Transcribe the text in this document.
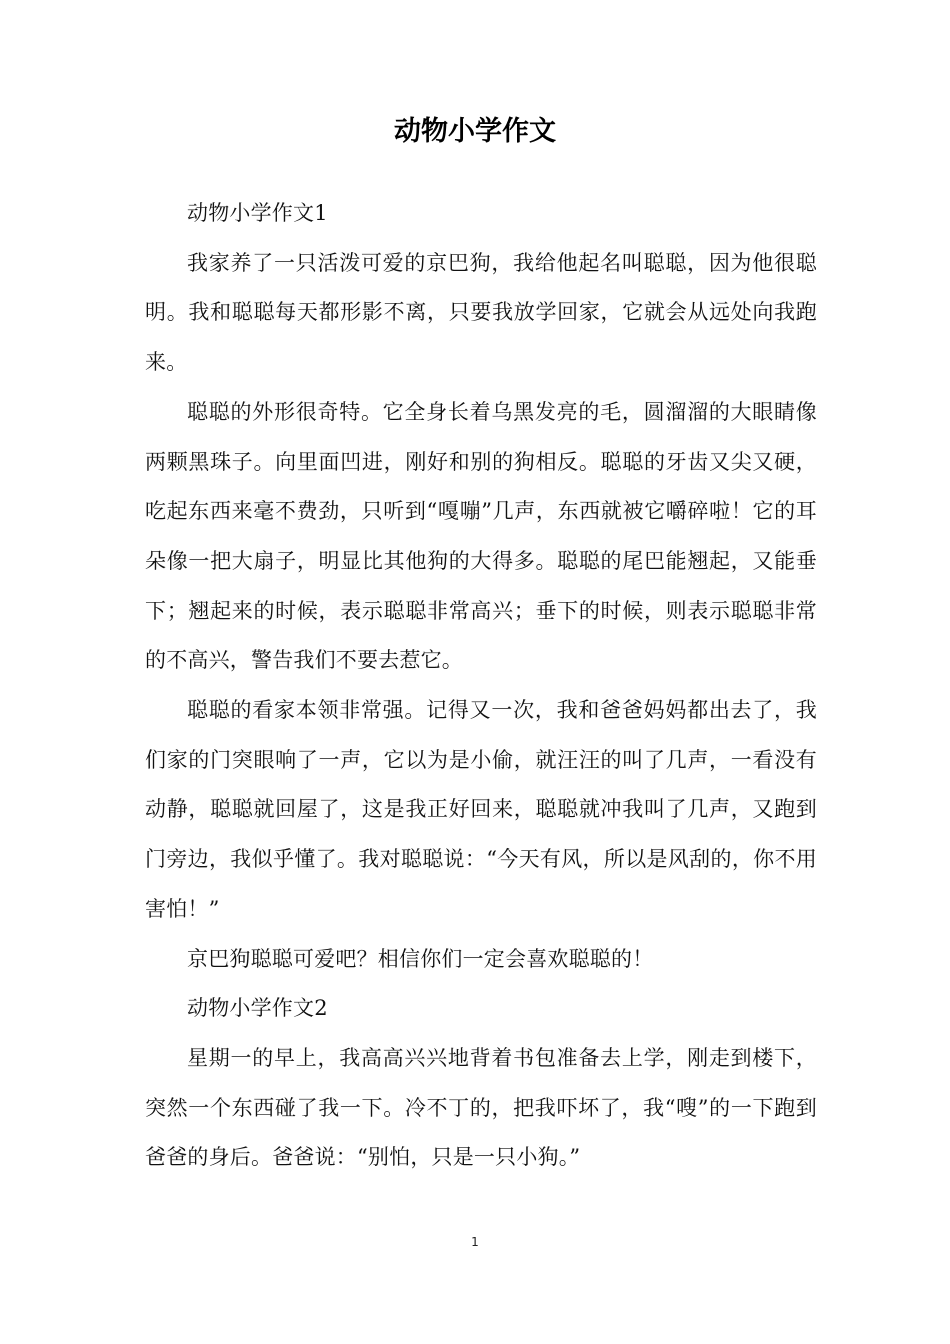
动物小学作文

动物小学作文1

我家养了一只活泼可爱的京巴狗，我给他起名叫聪聪，因为他很聪明。我和聪聪每天都形影不离，只要我放学回家，它就会从远处向我跑来。

聪聪的外形很奇特。它全身长着乌黑发亮的毛，圆溜溜的大眼睛像两颗黑珠子。向里面凹进，刚好和别的狗相反。聪聪的牙齿又尖又硬，吃起东西来毫不费劲，只听到“嘎嘣”几声，东西就被它嚼碎啦！它的耳朵像一把大扇子，明显比其他狗的大得多。聪聪的尾巴能翘起，又能垂下；翘起来的时候，表示聪聪非常高兴；垂下的时候，则表示聪聪非常的不高兴，警告我们不要去惹它。

聪聪的看家本领非常强。记得又一次，我和爸爸妈妈都出去了，我们家的门突眼响了一声，它以为是小偷，就汪汪的叫了几声，一看没有动静，聪聪就回屋了，这是我正好回来，聪聪就冲我叫了几声，又跑到门旁边，我似乎懂了。我对聪聪说：“今天有风，所以是风刮的，你不用害怕！”

京巴狗聪聪可爱吧？相信你们一定会喜欢聪聪的！

动物小学作文2

星期一的早上，我高高兴兴地背着书包准备去上学，刚走到楼下，突然一个东西碰了我一下。冷不丁的，把我吓坏了，我“嗖”的一下跑到爸爸的身后。爸爸说：“别怕，只是一只小狗。”

1
